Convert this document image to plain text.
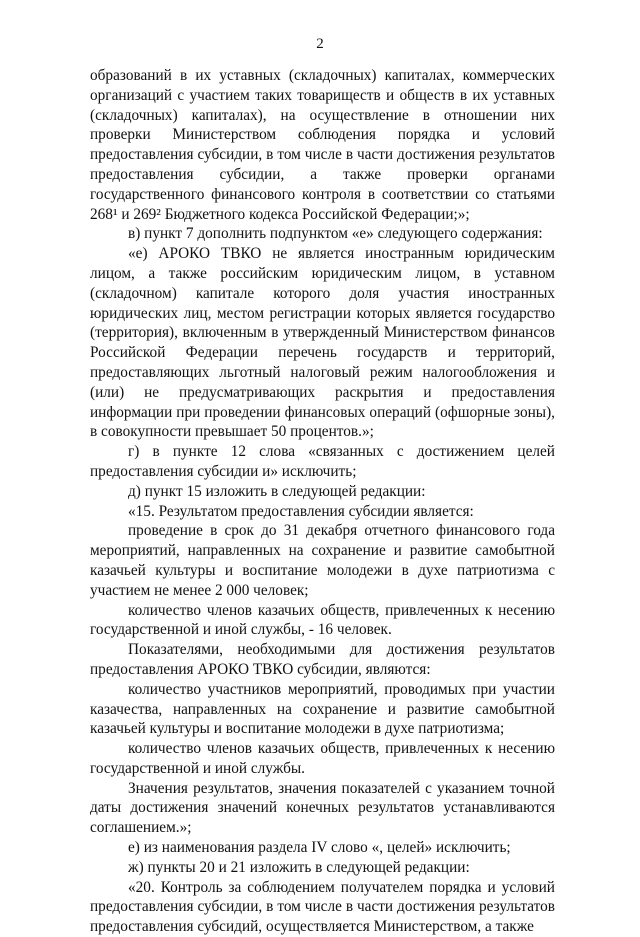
2

образований в их уставных (складочных) капиталах, коммерческих организаций с участием таких товариществ и обществ в их уставных (складочных) капиталах), на осуществление в отношении них проверки Министерством соблюдения порядка и условий предоставления субсидии, в том числе в части достижения результатов предоставления субсидии, а также проверки органами государственного финансового контроля в соответствии со статьями 268¹ и 269² Бюджетного кодекса Российской Федерации;»;

в) пункт 7 дополнить подпунктом «е» следующего содержания:

«е) АРОКО ТВКО не является иностранным юридическим лицом, а также российским юридическим лицом, в уставном (складочном) капитале которого доля участия иностранных юридических лиц, местом регистрации которых является государство (территория), включенным в утвержденный Министерством финансов Российской Федерации перечень государств и территорий, предоставляющих льготный налоговый режим налогообложения и (или) не предусматривающих раскрытия и предоставления информации при проведении финансовых операций (офшорные зоны), в совокупности превышает 50 процентов.»;

г) в пункте 12 слова «связанных с достижением целей предоставления субсидии и» исключить;

д) пункт 15 изложить в следующей редакции:

«15. Результатом предоставления субсидии является:

проведение в срок до 31 декабря отчетного финансового года мероприятий, направленных на сохранение и развитие самобытной казачьей культуры и воспитание молодежи в духе патриотизма с участием не менее 2 000 человек;

количество членов казачьих обществ, привлеченных к несению государственной и иной службы, - 16 человек.

Показателями, необходимыми для достижения результатов предоставления АРОКО ТВКО субсидии, являются:

количество участников мероприятий, проводимых при участии казачества, направленных на сохранение и развитие самобытной казачьей культуры и воспитание молодежи в духе патриотизма;

количество членов казачьих обществ, привлеченных к несению государственной и иной службы.

Значения результатов, значения показателей с указанием точной даты достижения значений конечных результатов устанавливаются соглашением.»;

е) из наименования раздела IV слово «, целей» исключить;

ж) пункты 20 и 21 изложить в следующей редакции:

«20. Контроль за соблюдением получателем порядка и условий предоставления субсидии, в том числе в части достижения результатов предоставления субсидий, осуществляется Министерством, а также
